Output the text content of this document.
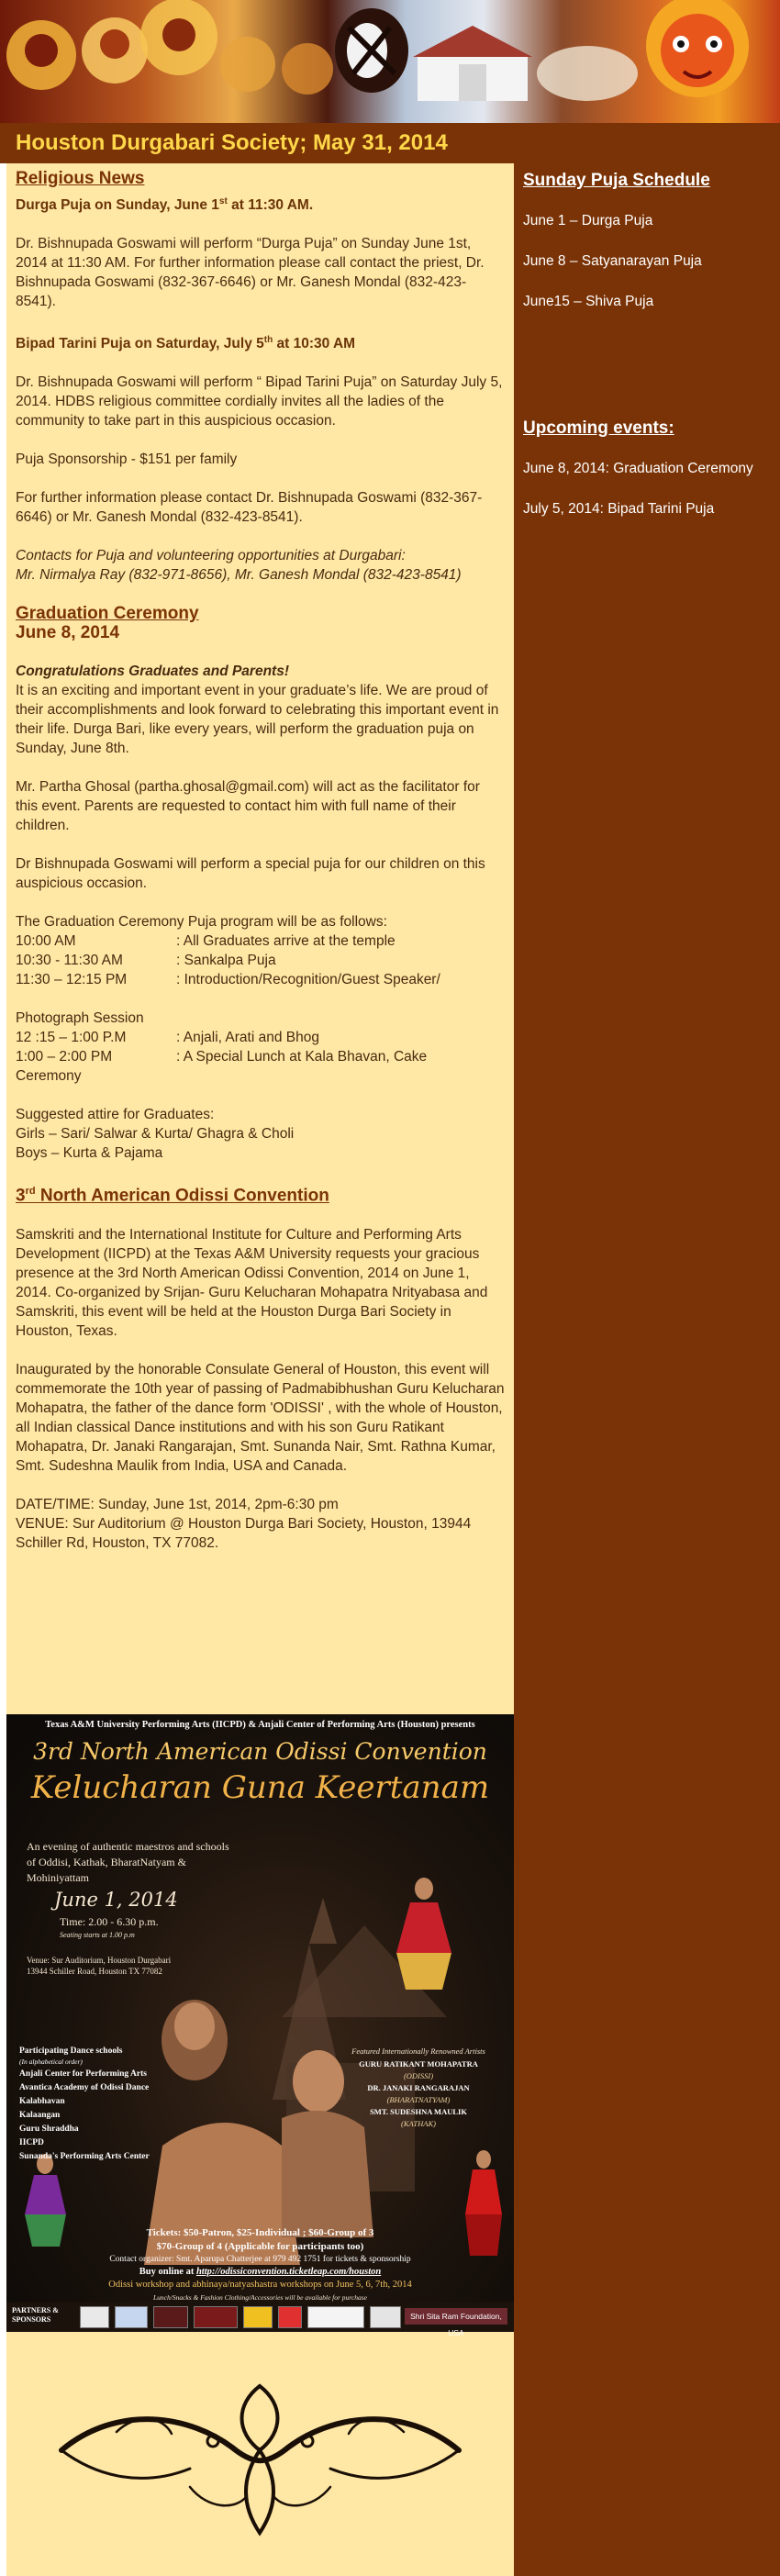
Houston Durgabari Society; May 31, 2014
Religious News
Durga Puja on Sunday, June 1st at 11:30 AM.

Dr. Bishnupada Goswami will perform “Durga Puja” on Sunday June 1st, 2014 at 11:30 AM. For further information please call contact the priest, Dr. Bishnupada Goswami (832-367-6646) or Mr. Ganesh Mondal (832-423-8541).

Bipad Tarini Puja on Saturday, July 5th at 10:30 AM

Dr. Bishnupada Goswami will perform “ Bipad Tarini Puja” on Saturday July 5, 2014. HDBS religious committee cordially invites all the ladies of the community to take part in this auspicious occasion.

Puja Sponsorship - $151 per family

For further information please contact Dr. Bishnupada Goswami (832-367-6646) or Mr. Ganesh Mondal (832-423-8541).

Contacts for Puja and volunteering opportunities at Durgabari:

Mr. Nirmalya Ray (832-971-8656), Mr. Ganesh Mondal (832-423-8541)

Graduation Ceremony
June 8, 2014

Congratulations Graduates and Parents!

It is an exciting and important event in your graduate’s life. We are proud of their accomplishments and look forward to celebrating this important event in their life. Durga Bari, like every years, will perform the graduation puja on Sunday, June 8th.

Mr. Partha Ghosal (partha.ghosal@gmail.com) will act as the facilitator for this event. Parents are requested to contact him with full name of their children.

Dr Bishnupada Goswami will perform a special puja for our children on this auspicious occasion.

The Graduation Ceremony Puja program will be as follows:

10:00 AM	: All Graduates arrive at the temple
10:30 - 11:30 AM	: Sankalpa Puja
11:30 – 12:15 PM	: Introduction/Recognition/Guest Speaker/

Photograph Session

12 :15 – 1:00 P.M	: Anjali, Arati and Bhog
1:00 – 2:00 PM	: A Special Lunch at Kala Bhavan, Cake

Ceremony

Suggested attire for Graduates:

Girls – Sari/ Salwar & Kurta/ Ghagra & Choli

Boys – Kurta & Pajama

3rd North American Odissi Convention

Samskriti and the International Institute for Culture and Performing Arts Development (IICPD) at the Texas A&M University requests your gracious presence at the 3rd North American Odissi Convention, 2014 on June 1, 2014. Co-organized by Srijan- Guru Kelucharan Mohapatra Nrityabasa and Samskriti, this event will be held at the Houston Durga Bari Society in Houston, Texas.

Inaugurated by the honorable Consulate General of Houston, this event will commemorate the 10th year of passing of Padmabibhushan Guru Kelucharan Mohapatra, the father of the dance form 'ODISSI' , with the whole of Houston, all Indian classical Dance institutions and with his son Guru Ratikant Mohapatra, Dr. Janaki Rangarajan, Smt. Sunanda Nair, Smt. Rathna Kumar, Smt. Sudeshna Maulik from India, USA and Canada.

DATE/TIME: Sunday, June 1st, 2014, 2pm-6:30 pm

VENUE: Sur Auditorium @ Houston Durga Bari Society, Houston, 13944 Schiller Rd, Houston, TX 77082.

Sunday Puja Schedule
June 1 – Durga Puja
June 8 – Satyanarayan Puja
June15 – Shiva Puja
Upcoming events:
June 8, 2014: Graduation Ceremony
July 5, 2014: Bipad Tarini Puja
Texas A&M University Performing Arts (IICPD) & Anjali Center of Performing Arts (Houston) presents
3rd North American Odissi Convention
Kelucharan Guna Keertanam
An evening of authentic maestros and schools of Oddisi, Kathak, BharatNatyam & Mohiniyattam
June 1, 2014
Time: 2.00 - 6.30 p.m.
Seating starts at 1.00 p.m
Venue: Sur Auditorium, Houston Durgabari
13944 Schiller Road, Houston TX 77082
Participating Dance schools
(In alphabetical order)
Anjali Center for Performing Arts
Avantica Academy of Odissi Dance
Kalabhavan
Kalaangan
Guru Shraddha
IICPD
Sunanda's Performing Arts Center
Featured Internationally Renowned Artists
GURU RATIKANT MOHAPATRA
(ODISSI)
DR. JANAKI RANGARAJAN
(BHARATNATYAM)
SMT. SUDESHNA MAULIK
(KATHAK)
Tickets: $50-Patron, $25-Individual ; $60-Group of 3
$70-Group of 4 (Applicable for participants too)
Contact organizer: Smt. Aparupa Chatterjee at 979 492 1751 for tickets & sponsorship
Buy online at http://odissiconvention.ticketleap.com/houston
Odissi workshop and abhinaya/natyashastra workshops on June 5, 6, 7th, 2014
Lunch/Snacks & Fashion Clothing/Accessories will be available for purchase
PARTNERS &
SPONSORS	Shri Sita Ram Foundation, USA
